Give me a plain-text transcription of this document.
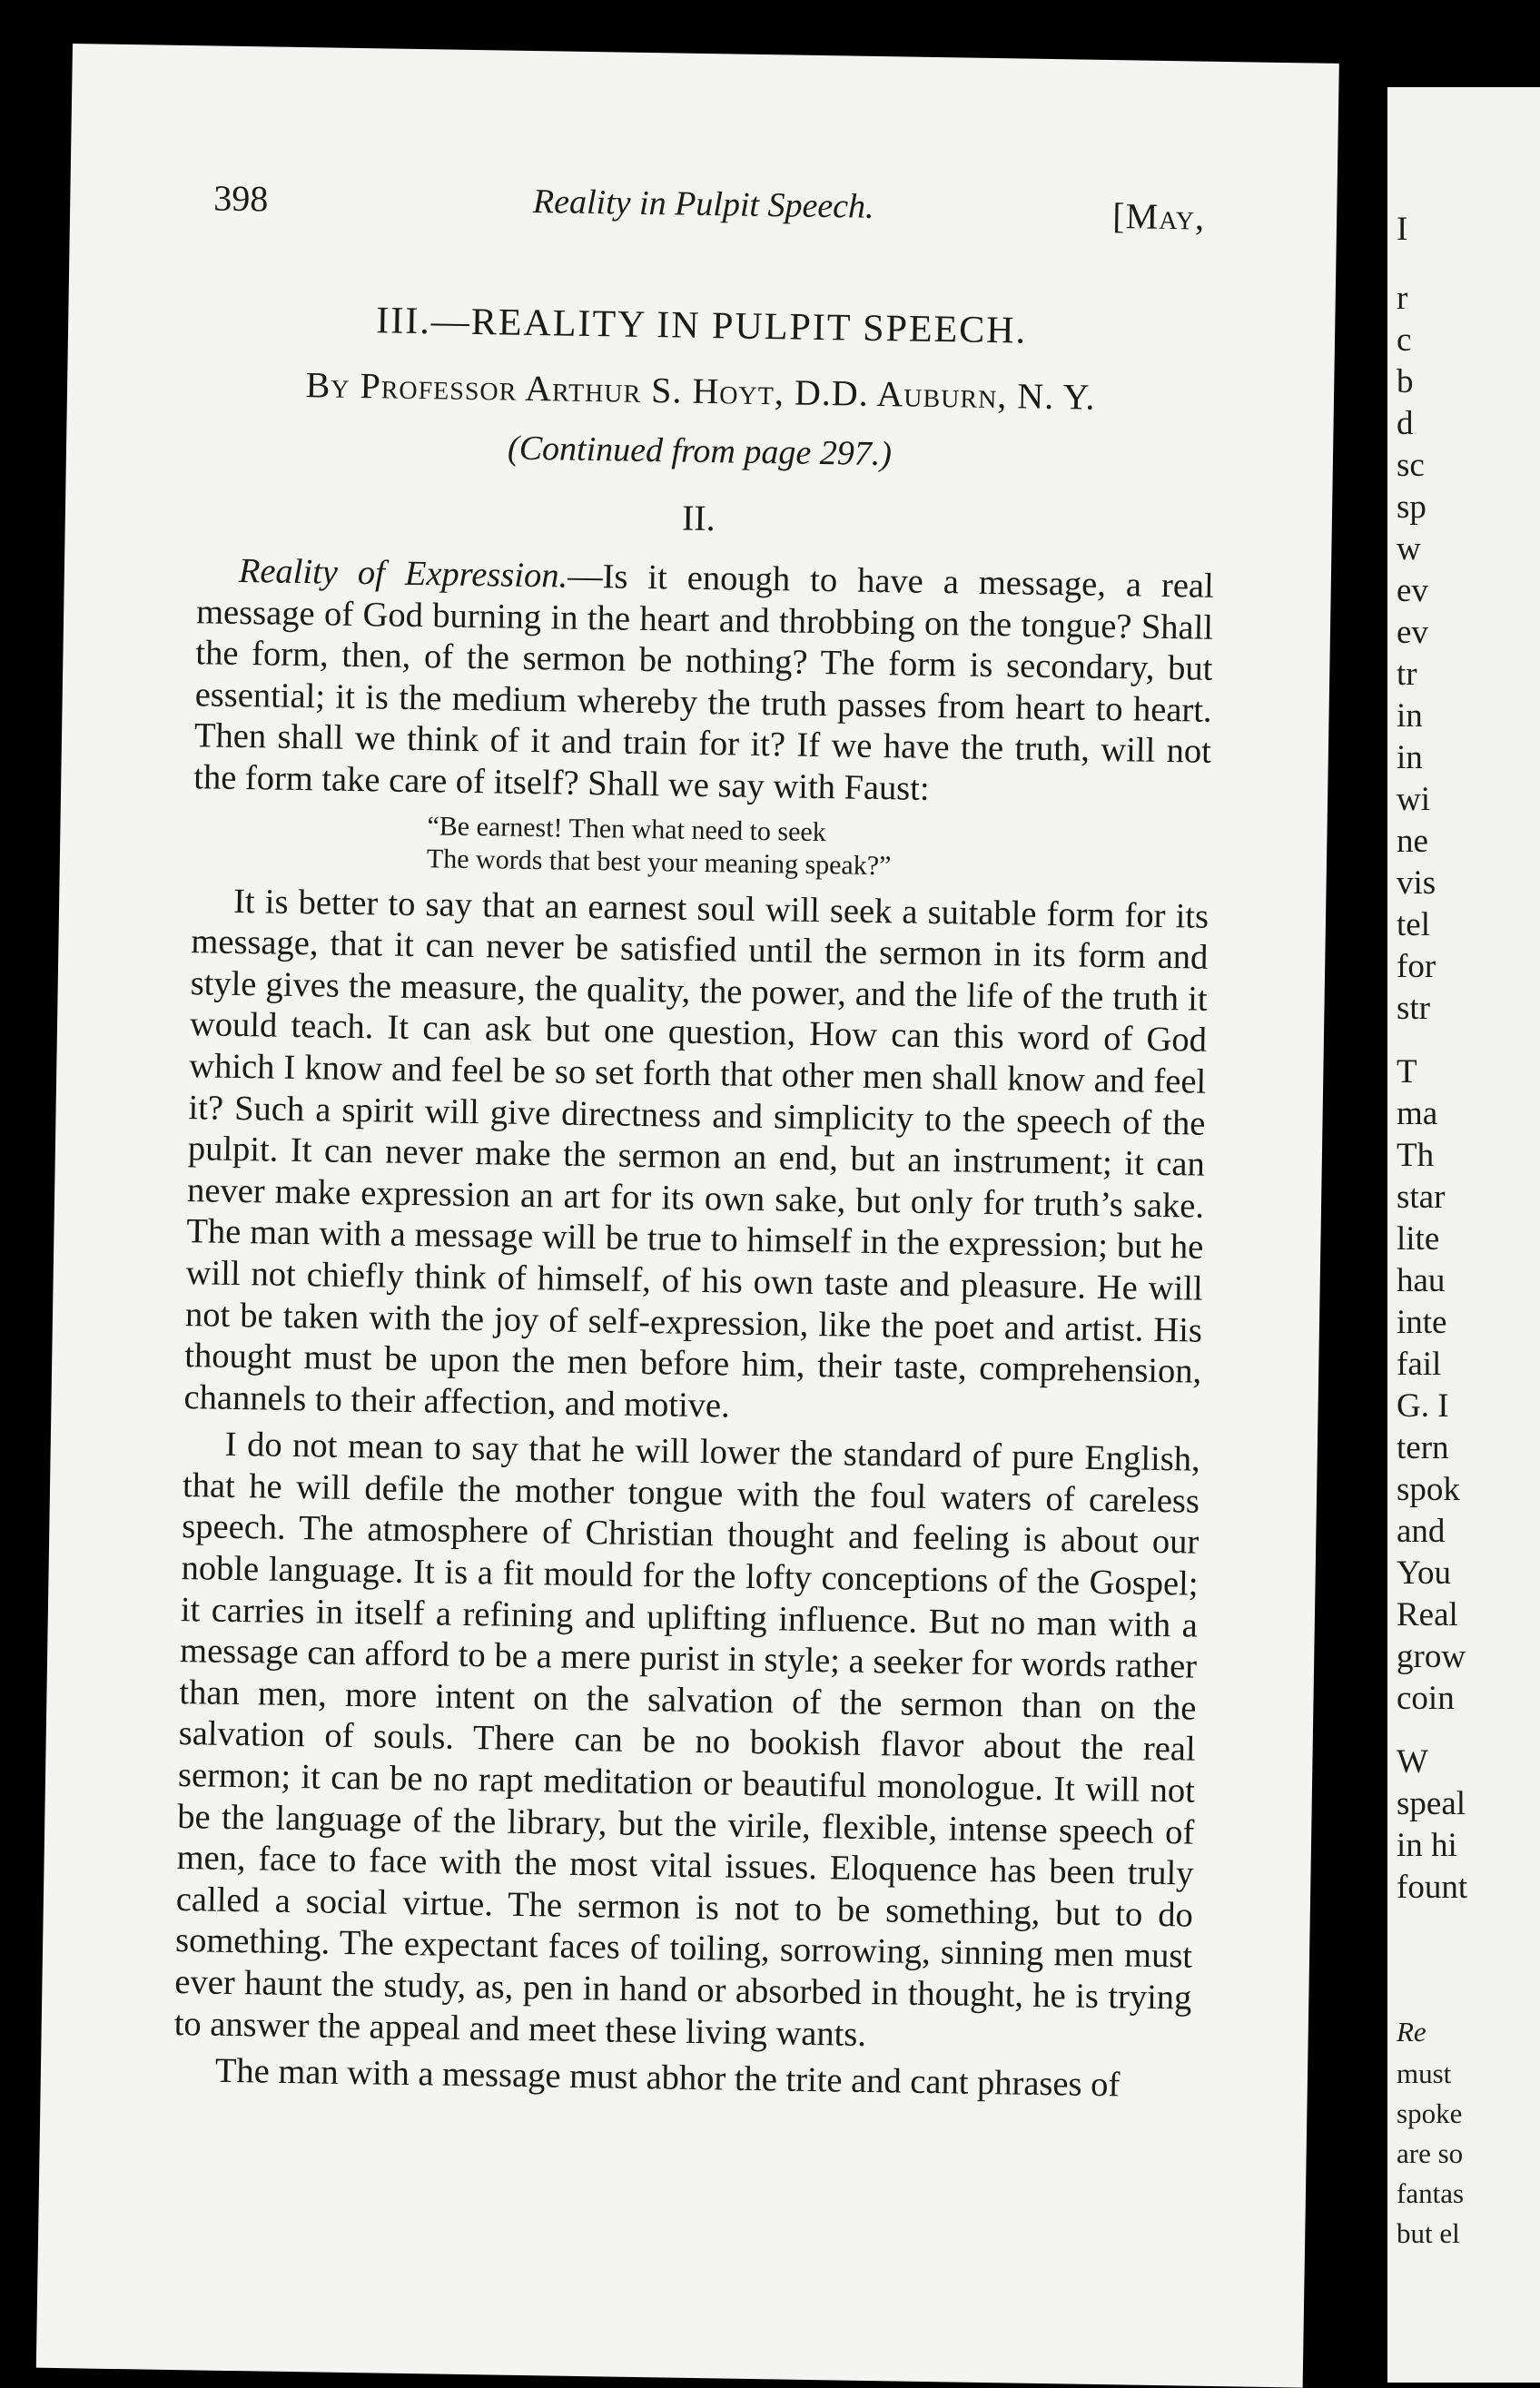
398	Reality in Pulpit Speech.	[May,
III.—REALITY IN PULPIT SPEECH.
By Professor Arthur S. Hoyt, D.D. Auburn, N. Y.
(Continued from page 297.)
II.

Reality of Expression.—Is it enough to have a message, a real message of God burning in the heart and throbbing on the tongue? Shall the form, then, of the sermon be nothing? The form is secondary, but essential; it is the medium whereby the truth passes from heart to heart. Then shall we think of it and train for it? If we have the truth, will not the form take care of itself? Shall we say with Faust:

“Be earnest! Then what need to seek
The words that best your meaning speak?”

It is better to say that an earnest soul will seek a suitable form for its message, that it can never be satisfied until the sermon in its form and style gives the measure, the quality, the power, and the life of the truth it would teach. It can ask but one question, How can this word of God which I know and feel be so set forth that other men shall know and feel it? Such a spirit will give directness and simplicity to the speech of the pulpit. It can never make the sermon an end, but an instrument; it can never make expression an art for its own sake, but only for truth’s sake. The man with a message will be true to himself in the expression; but he will not chiefly think of himself, of his own taste and pleasure. He will not be taken with the joy of self-expression, like the poet and artist. His thought must be upon the men before him, their taste, comprehension, channels to their affection, and motive.

I do not mean to say that he will lower the standard of pure English, that he will defile the mother tongue with the foul waters of careless speech. The atmosphere of Christian thought and feeling is about our noble language. It is a fit mould for the lofty conceptions of the Gospel; it carries in itself a refining and uplifting influence. But no man with a message can afford to be a mere purist in style; a seeker for words rather than men, more intent on the salvation of the sermon than on the salvation of souls. There can be no bookish flavor about the real sermon; it can be no rapt meditation or beautiful monologue. It will not be the language of the library, but the virile, flexible, intense speech of men, face to face with the most vital issues. Eloquence has been truly called a social virtue. The sermon is not to be something, but to do something. The expectant faces of toiling, sorrowing, sinning men must ever haunt the study, as, pen in hand or absorbed in thought, he is trying to answer the appeal and meet these living wants.

The man with a message must abhor the trite and cant phrases of

I
r
c
b
d
sc
sp
w
ev
ev
tr
in
in
wi
ne
vis
tel
for
str
T
ma
Th
star
lite
hau
inte
fail
G. I
tern
spok
and
You
Real
grow
coin
W
speal
in hi
fount
Re
must
spoke
are so
fantas
but el
